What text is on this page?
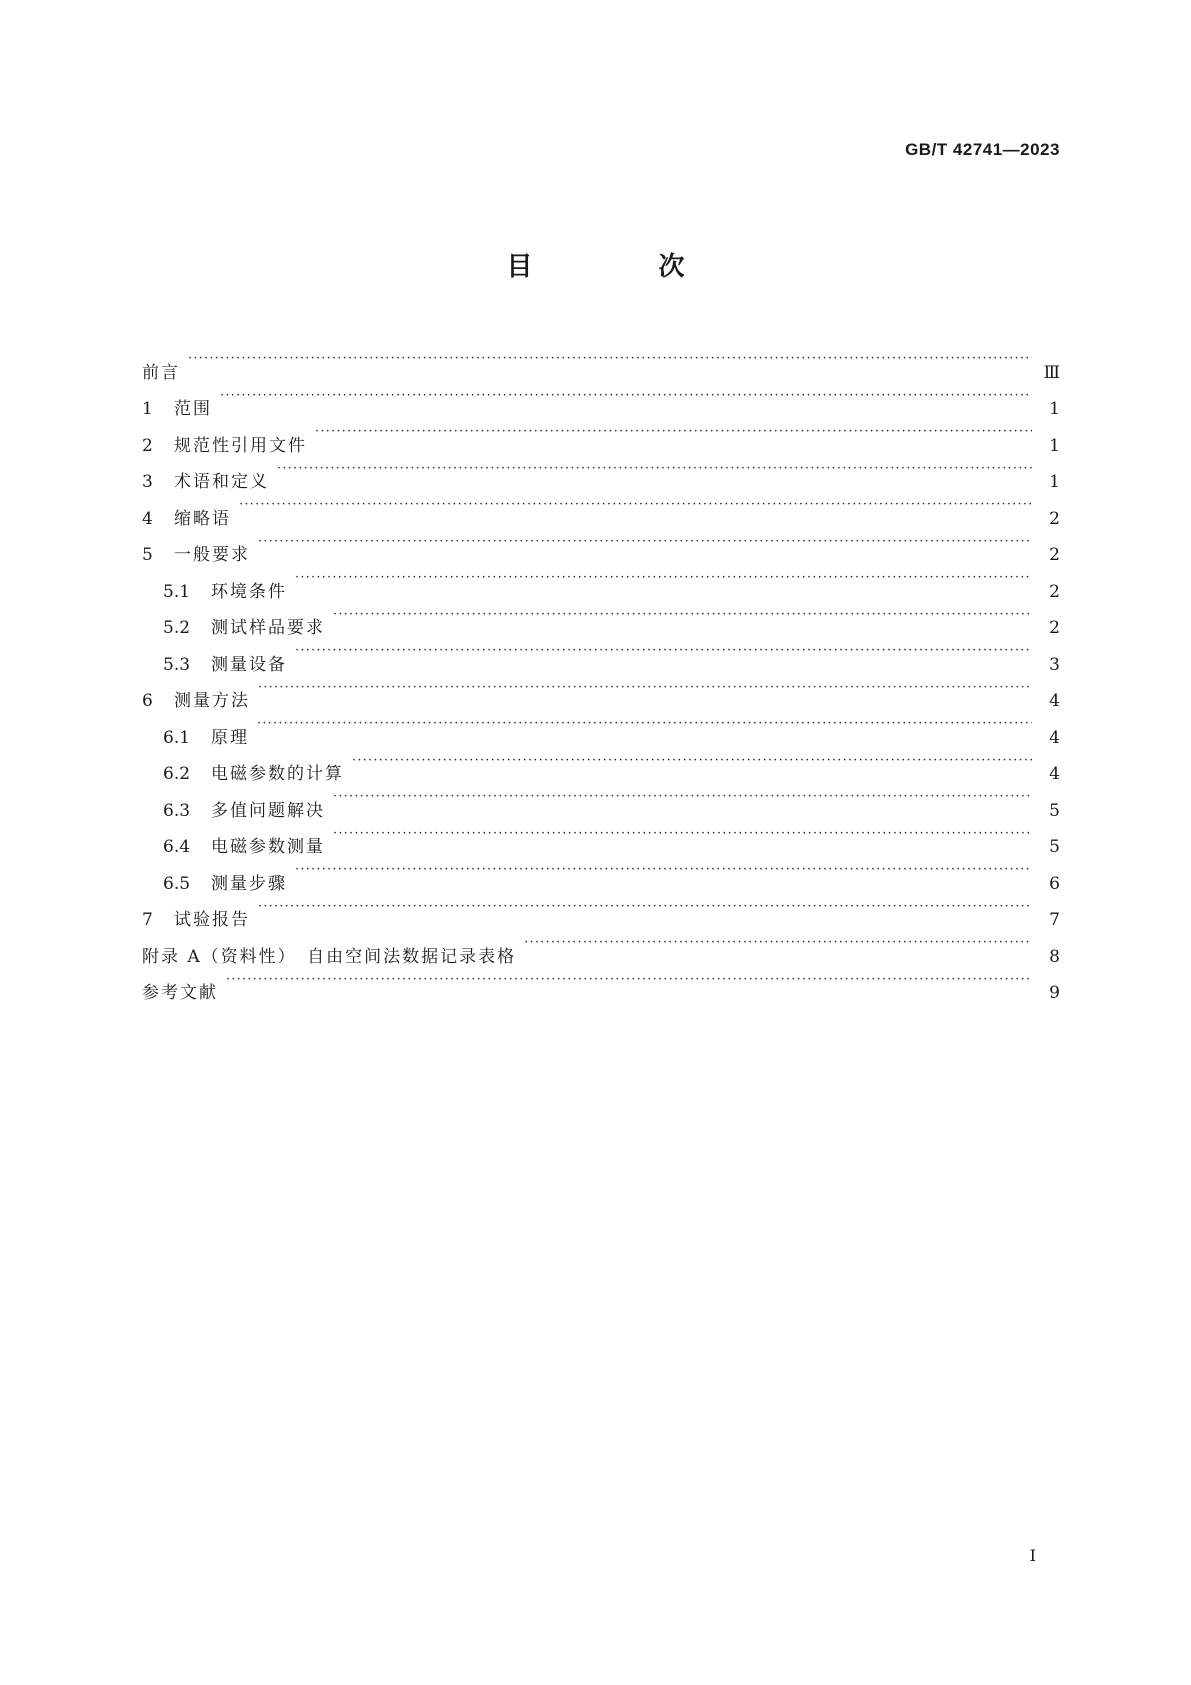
GB/T 42741—2023
目　次
前言 ·····	Ⅲ
1	范围 ·····	1
2	规范性引用文件 ·····	1
3	术语和定义 ·····	1
4	缩略语 ·····	2
5	一般要求 ·····	2
5.1	环境条件 ·····	2
5.2	测试样品要求 ·····	2
5.3	测量设备 ·····	3
6	测量方法 ·····	4
6.1	原理 ·····	4
6.2	电磁参数的计算 ·····	4
6.3	多值问题解决 ·····	5
6.4	电磁参数测量 ·····	5
6.5	测量步骤 ·····	6
7	试验报告 ·····	7
附录 A（资料性）　自由空间法数据记录表格 ·····	8
参考文献 ·····	9
Ⅰ
